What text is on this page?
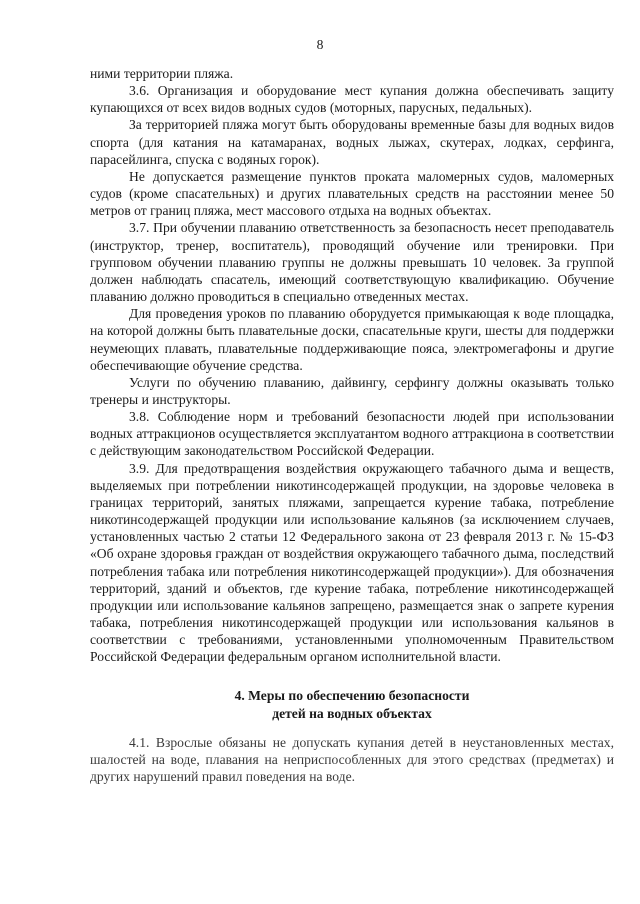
8

ними территории пляжа.

3.6. Организация и оборудование мест купания должна обеспечивать защиту купающихся от всех видов водных судов (моторных, парусных, педальных).

За территорией пляжа могут быть оборудованы временные базы для водных видов спорта (для катания на катамаранах, водных лыжах, скутерах, лодках, серфинга, парасейлинга, спуска с водяных горок).

Не допускается размещение пунктов проката маломерных судов, маломерных судов (кроме спасательных) и других плавательных средств на расстоянии менее 50 метров от границ пляжа, мест массового отдыха на водных объектах.

3.7. При обучении плаванию ответственность за безопасность несет преподаватель (инструктор, тренер, воспитатель), проводящий обучение или тренировки. При групповом обучении плаванию группы не должны превышать 10 человек. За группой должен наблюдать спасатель, имеющий соответствующую квалификацию. Обучение плаванию должно проводиться в специально отведенных местах.

Для проведения уроков по плаванию оборудуется примыкающая к воде площадка, на которой должны быть плавательные доски, спасательные круги, шесты для поддержки неумеющих плавать, плавательные поддерживающие пояса, электромегафоны и другие обеспечивающие обучение средства.

Услуги по обучению плаванию, дайвингу, серфингу должны оказывать только тренеры и инструкторы.

3.8. Соблюдение норм и требований безопасности людей при использовании водных аттракционов осуществляется эксплуатантом водного аттракциона в соответствии с действующим законодательством Российской Федерации.

3.9. Для предотвращения воздействия окружающего табачного дыма и веществ, выделяемых при потреблении никотинсодержащей продукции, на здоровье человека в границах территорий, занятых пляжами, запрещается курение табака, потребление никотинсодержащей продукции или использование кальянов (за исключением случаев, установленных частью 2 статьи 12 Федерального закона от 23 февраля 2013 г. № 15-ФЗ «Об охране здоровья граждан от воздействия окружающего табачного дыма, последствий потребления табака или потребления никотинсодержащей продукции»). Для обозначения территорий, зданий и объектов, где курение табака, потребление никотинсодержащей продукции или использование кальянов запрещено, размещается знак о запрете курения табака, потребления никотинсодержащей продукции или использования кальянов в соответствии с требованиями, установленными уполномоченным Правительством Российской Федерации федеральным органом исполнительной власти.

4. Меры по обеспечению безопасности
детей на водных объектах

4.1. Взрослые обязаны не допускать купания детей в неустановленных местах, шалостей на воде, плавания на неприспособленных для этого средствах (предметах) и других нарушений правил поведения на воде.
